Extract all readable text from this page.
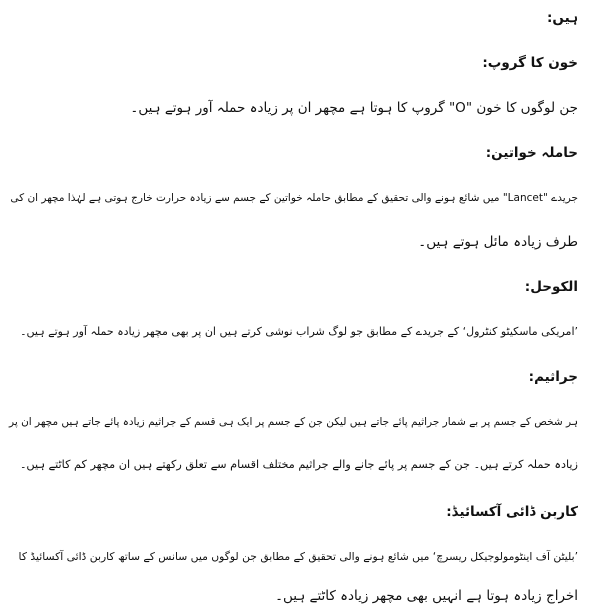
ہیں:
خون کا گروپ:
جن لوگوں کا خون "O" گروپ کا ہوتا ہے مچھر ان پر زیادہ حملہ آور ہوتے ہیں۔
حاملہ خواتین:
جریدے "Lancet" میں شائع ہونے والی تحقیق کے مطابق حاملہ خواتین کے جسم سے زیادہ حرارت خارج ہوتی ہے لہٰذا مچھر ان کی
طرف زیادہ مائل ہوتے ہیں۔
الکوحل:
’امریکی ماسکیٹو کنٹرول‘ کے جریدے کے مطابق جو لوگ شراب نوشی کرتے ہیں ان پر بھی مچھر زیادہ حملہ آور ہوتے ہیں۔
جراثیم:
ہر شخص کے جسم پر بے شمار جراثیم پائے جاتے ہیں لیکن جن کے جسم پر ایک ہی قسم کے جراثیم زیادہ پائے جاتے ہیں مچھر ان پر
زیادہ حملہ کرتے ہیں۔ جن کے جسم پر پائے جانے والے جراثیم مختلف اقسام سے تعلق رکھتے ہیں ان مچھر کم کاٹتے ہیں۔
کاربن ڈائی آکسائیڈ:
’بلیٹن آف اینٹومولوجیکل ریسرچ‘ میں شائع ہونے والی تحقیق کے مطابق جن لوگوں میں سانس کے ساتھ کاربن ڈائی آکسائیڈ کا
اخراج زیادہ ہوتا ہے انہیں بھی مچھر زیادہ کاٹتے ہیں۔
